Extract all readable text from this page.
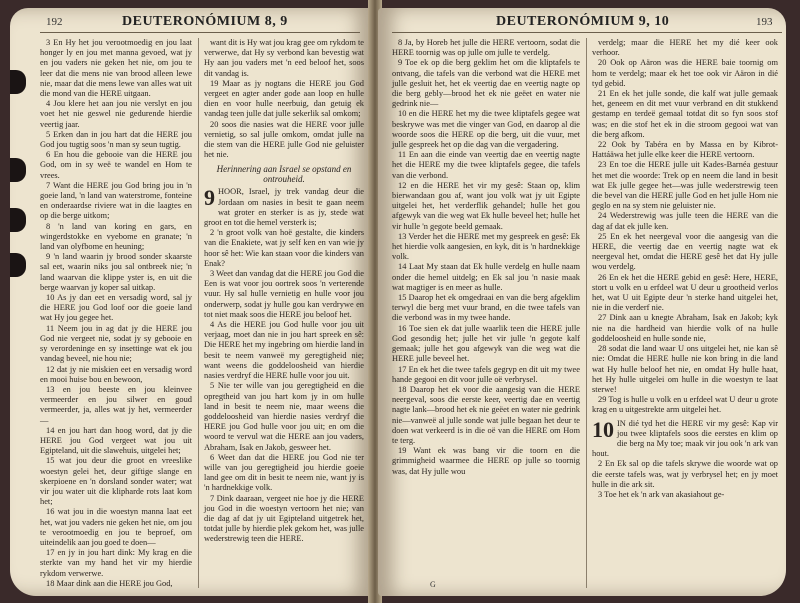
192	DEUTERONÓMIUM 8, 9

3 En Hy het jou verootmoedig en jou laat honger ly en jou met manna gevoed, wat jy en jou vaders nie geken het nie, om jou te leer dat die mens nie van brood alleen lewe nie, maar dat die mens lewe van alles wat uit die mond van die HERE uitgaan.

4 Jou klere het aan jou nie verslyt en jou voet het nie geswel nie gedurende hierdie veertig jaar.

5 Erken dan in jou hart dat die HERE jou God jou tugtig soos 'n man sy seun tugtig.

6 En hou die gebooie van die HERE jou God, om in sy weë te wandel en Hom te vrees.

7 Want die HERE jou God bring jou in 'n goeie land, 'n land van waterstrome, fonteine en onderaardse riviere wat in die laagtes en op die berge uitkom;

8 'n land van koring en gars, en wingerdstokke en vyebome en granate; 'n land van olyfbome en heuning;

9 'n land waarin jy brood sonder skaarste sal eet, waarin niks jou sal ontbreek nie; 'n land waarvan die klippe yster is, en uit die berge waarvan jy koper sal uitkap.

10 As jy dan eet en versadig word, sal jy die HERE jou God loof oor die goeie land wat Hy jou gegee het.

11 Neem jou in ag dat jy die HERE jou God nie vergeet nie, sodat jy sy gebooie en sy verordeninge en sy insettinge wat ek jou vandag beveel, nie hou nie;

12 dat jy nie miskien eet en versadig word en mooi huise bou en bewoon,

13 en jou beeste en jou kleinvee vermeerder en jou silwer en goud vermeerder, ja, alles wat jy het, vermeerder—

14 en jou hart dan hoog word, dat jy die HERE jou God vergeet wat jou uit Egipteland, uit die slawehuis, uitgelei het;

15 wat jou deur die groot en vreeslike woestyn gelei het, deur giftige slange en skerpioene en 'n dorsland sonder water; wat vir jou water uit die klipharde rots laat kom het;

16 wat jou in die woestyn manna laat eet het, wat jou vaders nie geken het nie, om jou te verootmoedig en jou te beproef, om uiteindelik aan jou goed te doen—

17 en jy in jou hart dink: My krag en die sterkte van my hand het vir my hierdie rykdom verwerwe.

18 Maar dink aan die HERE jou God,

want dit is Hy wat jou krag gee om rykdom te verwerwe, dat Hy sy verbond kan bevestig wat Hy aan jou vaders met 'n eed beloof het, soos dit vandag is.

19 Maar as jy nogtans die HERE jou God vergeet en agter ander gode aan loop en hulle dien en voor hulle neerbuig, dan getuig ek vandag teen julle dat julle sekerlik sal omkom;

20 soos die nasies wat die HERE voor julle vernietig, so sal julle omkom, omdat julle na die stem van die HERE julle God nie geluister het nie.

Herinnering aan Israel se opstand en ontrouheid.

9 HOOR, Israel, jy trek vandag deur die Jordaan om nasies in besit te gaan neem wat groter en sterker is as jy, stede wat groot en tot die hemel versterk is;

2 'n groot volk van hoë gestalte, die kinders van die Enakiete, wat jy self ken en van wie jy hoor sê het: Wie kan staan voor die kinders van Enak?

3 Weet dan vandag dat die HERE jou God die Een is wat voor jou oortrek soos 'n verterende vuur. Hy sal hulle vernietig en hulle voor jou onderwerp, sodat jy hulle gou kan verdrywe en tot niet maak soos die HERE jou beloof het.

4 As die HERE jou God hulle voor jou uit verjaag, moet dan nie in jou hart spreek en sê: Die HERE het my ingebring om hierdie land in besit te neem vanweë my geregtigheid nie; want weens die goddeloosheid van hierdie nasies verdryf die HERE hulle voor jou uit.

5 Nie ter wille van jou geregtigheid en die opregtheid van jou hart kom jy in om hulle land in besit te neem nie, maar weens die goddeloosheid van hierdie nasies verdryf die HERE jou God hulle voor jou uit; en om die woord te vervul wat die HERE aan jou vaders, Abraham, Isak en Jakob, gesweer het.

6 Weet dan dat die HERE jou God nie ter wille van jou geregtigheid jou hierdie goeie land gee om dit in besit te neem nie, want jy is 'n hardnekkige volk.

7 Dink daaraan, vergeet nie hoe jy die HERE jou God in die woestyn vertoorn het nie; van die dag af dat jy uit Egipteland uitgetrek het, totdat julle by hierdie plek gekom het, was julle wederstrewig teen die HERE.

DEUTERONÓMIUM 9, 10	193

8 Ja, by Horeb het julle die HERE vertoorn, sodat die HERE toornig was op julle om julle te verdelg.

9 Toe ek op die berg geklim het om die kliptafels te ontvang, die tafels van die verbond wat die HERE met julle gesluit het, het ek veertig dae en veertig nagte op die berg gebly—brood het ek nie geëet en water nie gedrink nie—

10 en die HERE het my die twee kliptafels gegee wat beskrywe was met die vinger van God, en daarop al die woorde soos die HERE op die berg, uit die vuur, met julle gespreek het op die dag van die vergadering.

11 En aan die einde van veertig dae en veertig nagte het die HERE my die twee kliptafels gegee, die tafels van die verbond.

12 en die HERE het vir my gesê: Staan op, klim bierwandaan gou af, want jou volk wat jy uit Egipte uitgelei het, het verderflik gehandel; hulle het gou afgewyk van die weg wat Ek hulle beveel het; hulle het vir hulle 'n gegote beeld gemaak.

13 Verder het die HERE met my gespreek en gesê: Ek het hierdie volk aangesien, en kyk, dit is 'n hardnekkige volk.

14 Laat My staan dat Ek hulle verdelg en hulle naam onder die hemel uitdelg; en Ek sal jou 'n nasie maak wat magtiger is en meer as hulle.

15 Daarop het ek omgedraai en van die berg afgeklim terwyl die berg met vuur brand, en die twee tafels van die verbond was in my twee hande.

16 Toe sien ek dat julle waarlik teen die HERE julle God gesondig het; julle het vir julle 'n gegote kalf gemaak; julle het gou afgewyk van die weg wat die HERE julle beveel het.

17 En ek het die twee tafels gegryp en dit uit my twee hande gegooi en dit voor julle oë verbrysel.

18 Daarop het ek voor die aangesig van die HERE neergeval, soos die eerste keer, veertig dae en veertig nagte lank—brood het ek nie geëet en water nie gedrink nie—vanweë al julle sonde wat julle begaan het deur te doen wat verkeerd is in die oë van die HERE om Hom te terg.

19 Want ek was bang vir die toorn en die grimmigheid waarmee die HERE op julle so toornig was, dat Hy julle wou

verdelg; maar die HERE het my dié keer ook verhoor.

20 Ook op Aäron was die HERE baie toornig om hom te verdelg; maar ek het toe ook vir Aäron in dié tyd gebid.

21 En ek het julle sonde, die kalf wat julle gemaak het, geneem en dit met vuur verbrand en dit stukkend gestamp en terdeë gemaal totdat dit so fyn soos stof was; en die stof het ek in die stroom gegooi wat van die berg afkom.

22 Ook by Tabéra en by Massa en by Kibrot-Hattáäwa het julle elke keer die HERE vertoorn.

23 En toe die HERE julle uit Kades-Barnéa gestuur het met die woorde: Trek op en neem die land in besit wat Ek julle gegee het—was julle wederstrewig teen die bevel van die HERE julle God en het julle Hom nie geglo en na sy stem nie geluister nie.

24 Wederstrewig was julle teen die HERE van die dag af dat ek julle ken.

25 En ek het neergeval voor die aangesig van die HERE, die veertig dae en veertig nagte wat ek neergeval het, omdat die HERE gesê het dat Hy julle wou verdelg.

26 En ek het die HERE gebid en gesê: Here, HERE, stort u volk en u erfdeel wat U deur u grootheid verlos het, wat U uit Egipte deur 'n sterke hand uitgelei het, nie in die verderf nie.

27 Dink aan u knegte Abraham, Isak en Jakob; kyk nie na die hardheid van hierdie volk of na hulle goddeloosheid en hulle sonde nie,

28 sodat die land waar U ons uitgelei het, nie kan sê nie: Omdat die HERE hulle nie kon bring in die land wat Hy hulle beloof het nie, en omdat Hy hulle haat, het Hy hulle uitgelei om hulle in die woestyn te laat sterwe!

29 Tog is hulle u volk en u erfdeel wat U deur u grote krag en u uitgestrekte arm uitgelei het.

10 IN dié tyd het die HERE vir my gesê: Kap vir jou twee kliptafels soos die eerstes en klim op die berg na My toe; maak vir jou ook 'n ark van hout.

2 En Ek sal op die tafels skrywe die woorde wat op die eerste tafels was, wat jy verbrysel het; en jy moet hulle in die ark sit.

3 Toe het ek 'n ark van akasiahout ge-

G
